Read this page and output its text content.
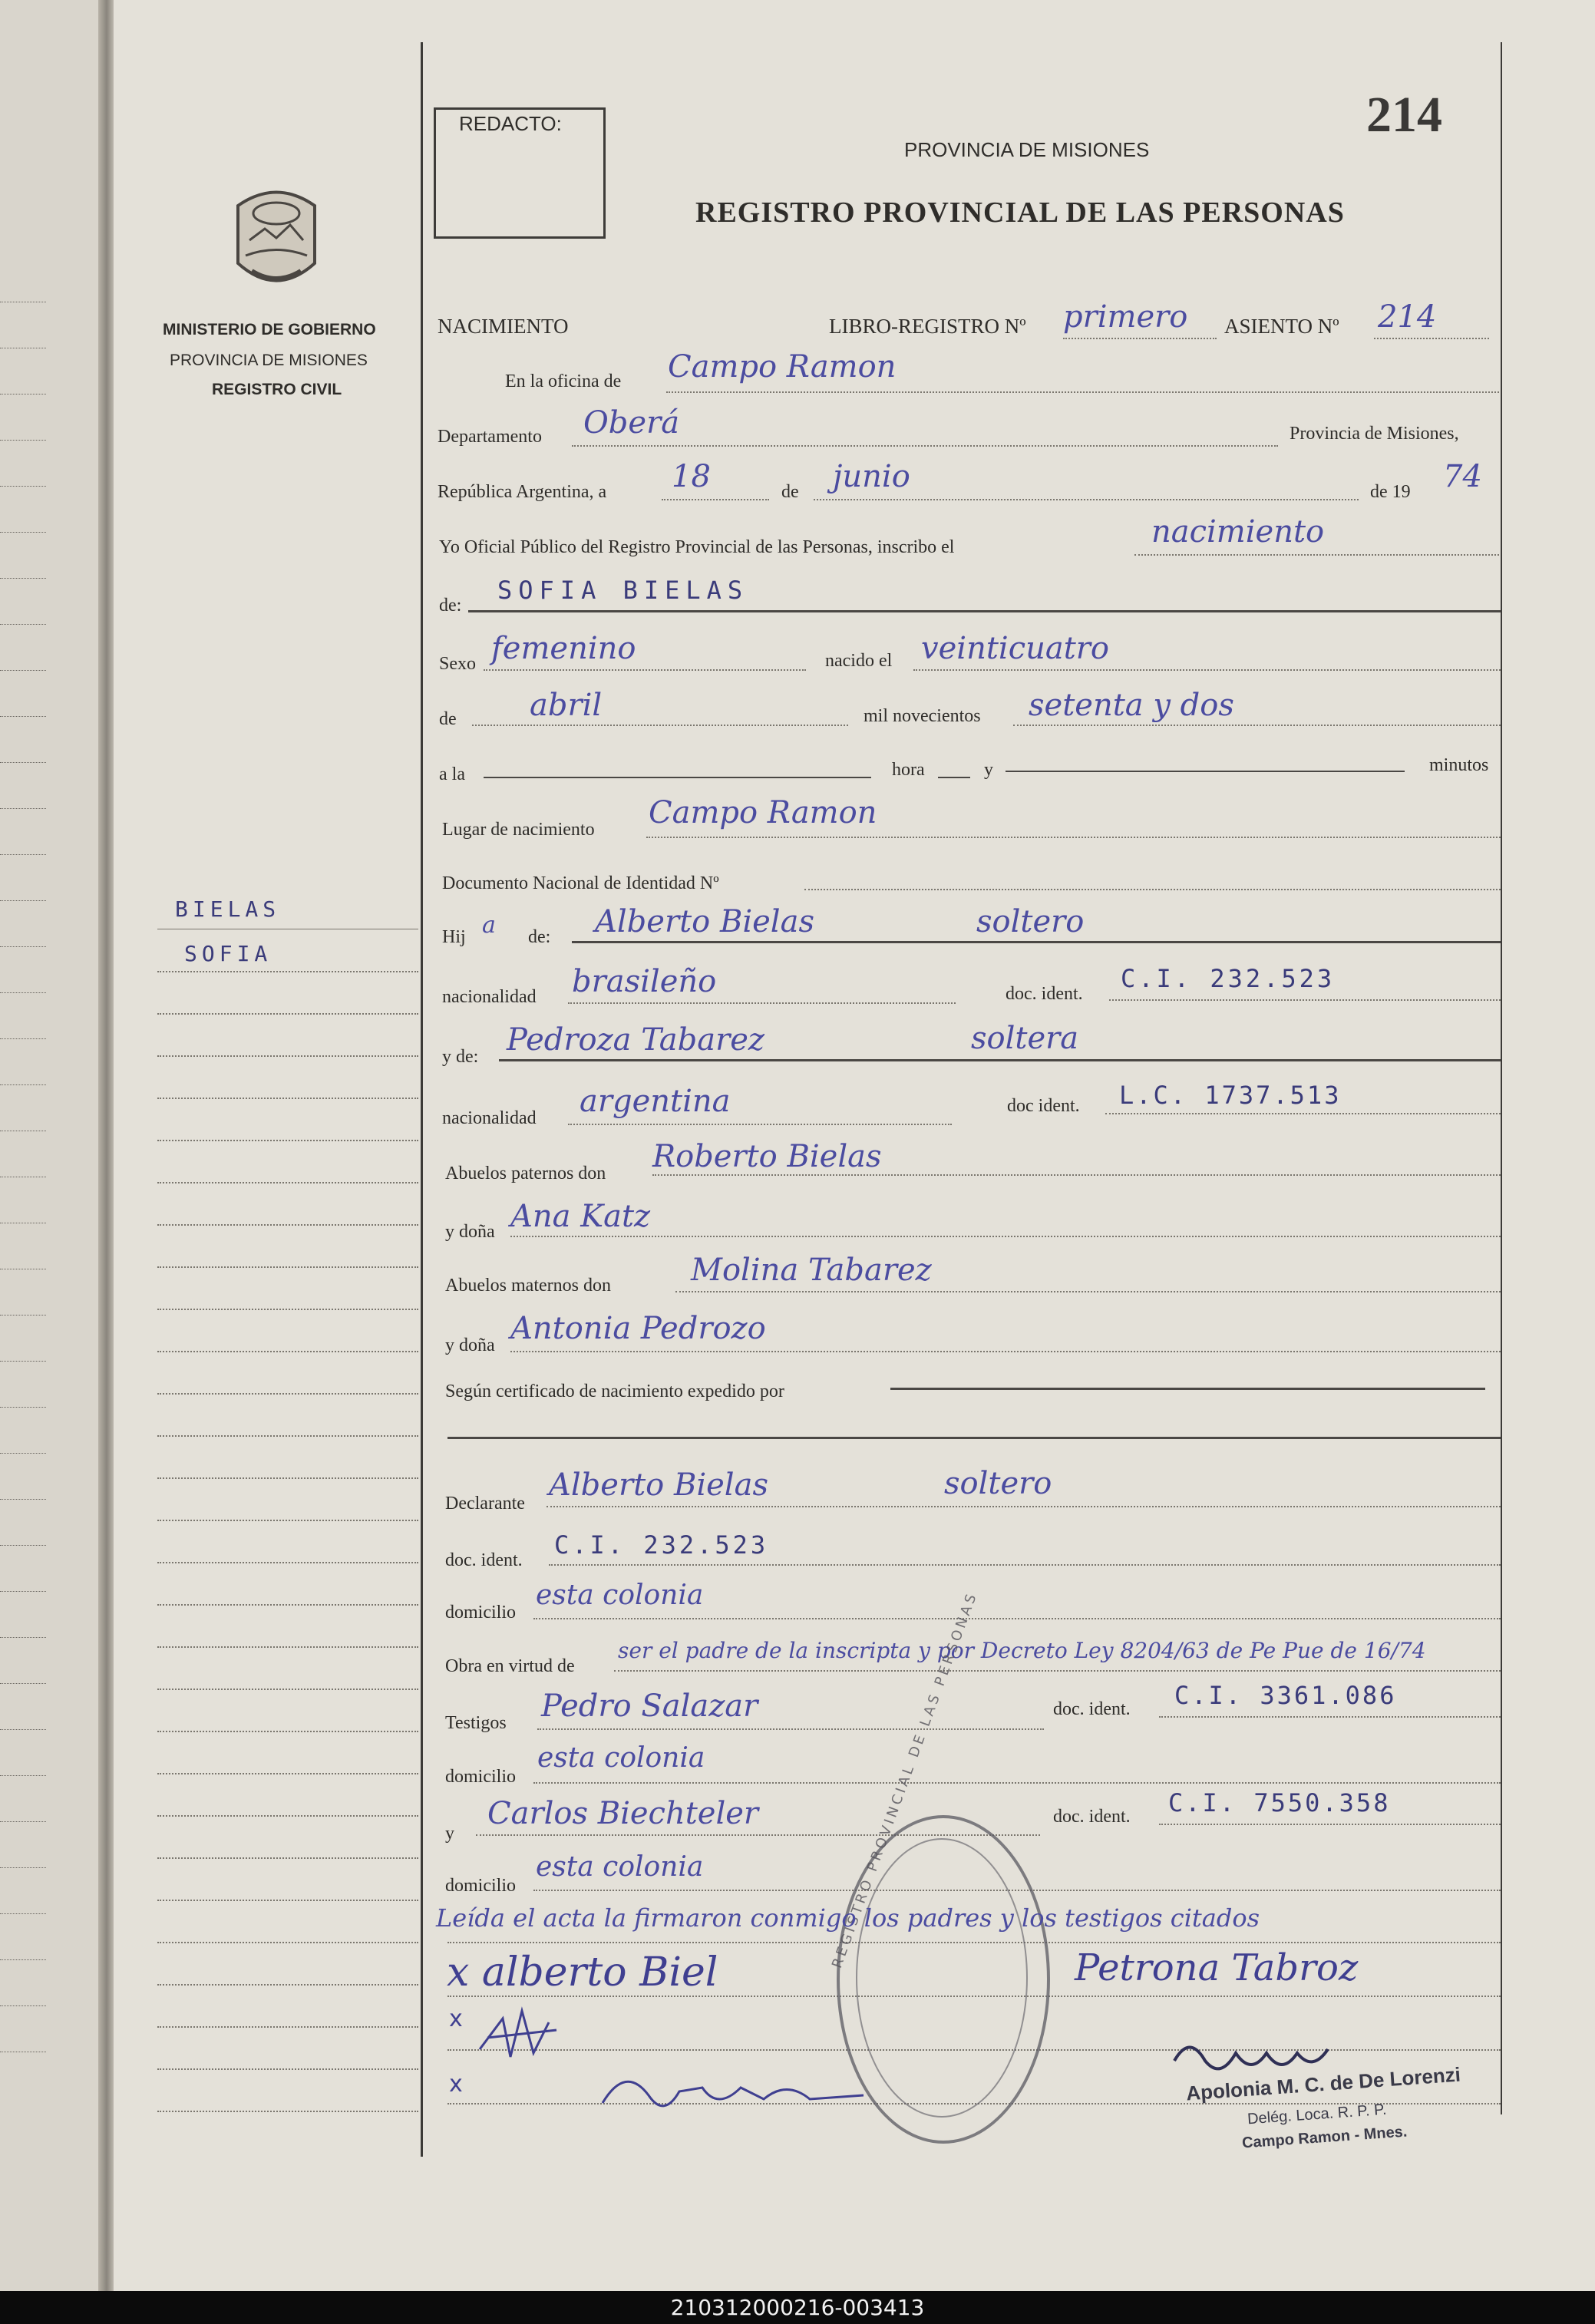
MINISTERIO DE GOBIERNO
PROVINCIA DE MISIONES
REGISTRO CIVIL
BIELAS
SOFIA
REDACTO:	214
PROVINCIA DE MISIONES
REGISTRO PROVINCIAL DE LAS PERSONAS
NACIMIENTO	LIBRO-REGISTRO Nº primero ASIENTO Nº 214
En la oficina de Campo Ramon
Departamento Oberá	Provincia de Misiones,
República Argentina, a 18	de junio	de 19 74
Yo Oficial Público del Registro Provincial de las Personas, inscribo el	nacimiento
de:
SOFIA BIELAS
Sexo femenino	nacido el veinticuatro
de abril	mil novecientos setenta y dos
a la	hora	y	minutos
Lugar de nacimiento Campo Ramon
Documento Nacional de Identidad Nº
Hij a de: Alberto Bielas	soltero
nacionalidad brasileño	doc. ident.
C.I. 232.523
y de: Pedroza Tabarez	soltera
nacionalidad argentina	doc ident. L.C. 1737.513
Abuelos paternos don Roberto Bielas
y doña Ana Katz
Abuelos maternos don	Molina Tabarez
y doña Antonia Pedrozo
Según certificado de nacimiento expedido por
Declarante
Alberto Bielas	soltero
doc. ident.
C.I. 232.523
domicilio
esta colonia
Obra en virtud de
ser el padre de la inscripta y por Decreto Ley 8204/63 de Pe Pue de 16/74
Testigos Pedro Salazar	doc. ident. C.I. 3361.086
domicilio
esta colonia
y
Carlos Biechteler	doc. ident. C.I. 7550.358
domicilio
esta colonia	REGISTRO PROVINCIAL DE LAS PERSONAS
Leída el acta la firmaron conmigo los padres y los testigos citados
x alberto Biel	Petrona Tabroz
x
x	Apolonia M. C. de De Lorenzi
Delég. Loca. R. P. P.
Campo Ramon - Mnes.
210312000216-003413
